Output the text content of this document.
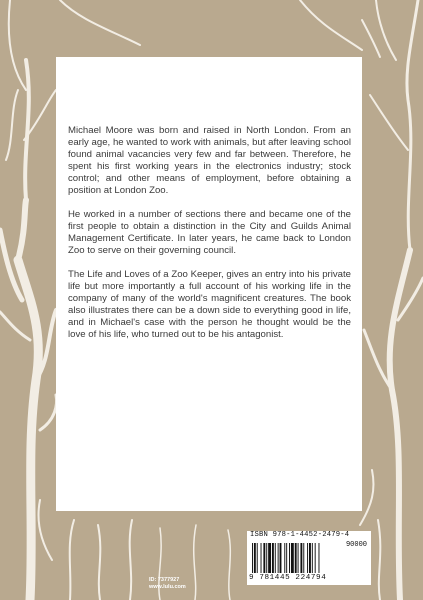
Michael Moore was born and raised in North London. From an early age, he wanted to work with animals, but after leaving school found animal vacancies very few and far between. Therefore, he spent his first working years in the electronics industry; stock control; and other means of employment, before obtaining a position at London Zoo.

He worked in a number of sections there and became one of the first people to obtain a distinction in the City and Guilds Animal Management Certificate. In later years, he came back to London Zoo to serve on their governing council.

The Life and Loves of a Zoo Keeper, gives an entry into his private life but more importantly a full account of his working life in the company of many of the world's magnificent creatures. The book also illustrates there can be a down side to everything good in life, and in Michael's case with the person he thought would be the love of his life, who turned out to be his antagonist.

ID: 7377927
www.lulu.com
ISBN 978-1-4452-2479-4
90000
9 781445 224794
